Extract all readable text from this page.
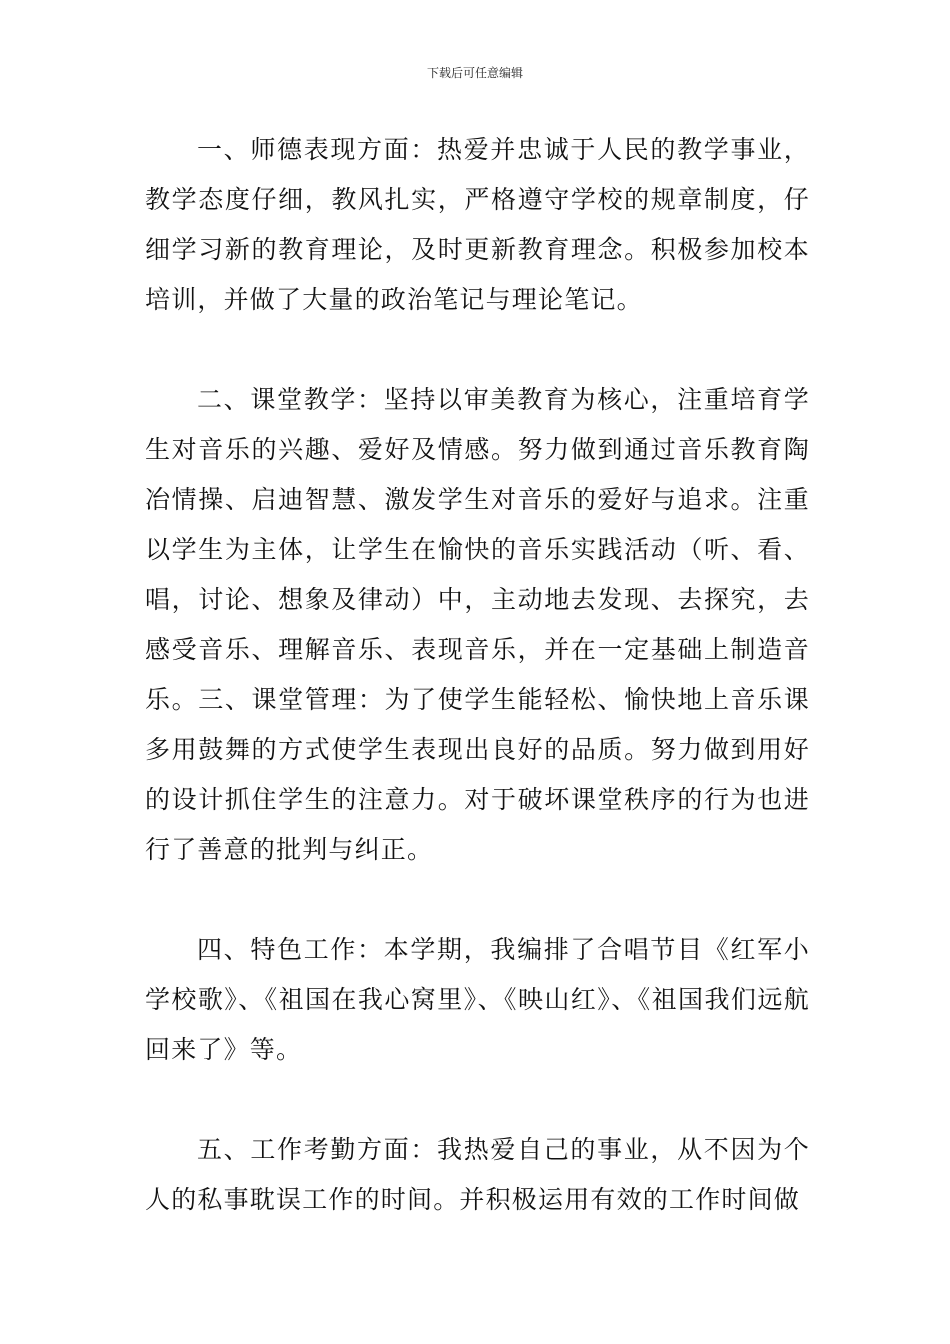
下载后可任意编辑

一、师德表现方面：热爱并忠诚于人民的教学事业，教学态度仔细，教风扎实，严格遵守学校的规章制度，仔细学习新的教育理论，及时更新教育理念。积极参加校本培训，并做了大量的政治笔记与理论笔记。

二、课堂教学：坚持以审美教育为核心，注重培育学生对音乐的兴趣、爱好及情感。努力做到通过音乐教育陶冶情操、启迪智慧、激发学生对音乐的爱好与追求。注重以学生为主体，让学生在愉快的音乐实践活动（听、看、唱，讨论、想象及律动）中，主动地去发现、去探究，去感受音乐、理解音乐、表现音乐，并在一定基础上制造音乐。三、课堂管理：为了使学生能轻松、愉快地上音乐课多用鼓舞的方式使学生表现出良好的品质。努力做到用好的设计抓住学生的注意力。对于破坏课堂秩序的行为也进行了善意的批判与纠正。

四、特色工作：本学期，我编排了合唱节目《红军小学校歌》、《祖国在我心窝里》、《映山红》、《祖国我们远航回来了》等。

五、工作考勤方面：我热爱自己的事业，从不因为个人的私事耽误工作的时间。并积极运用有效的工作时间做
